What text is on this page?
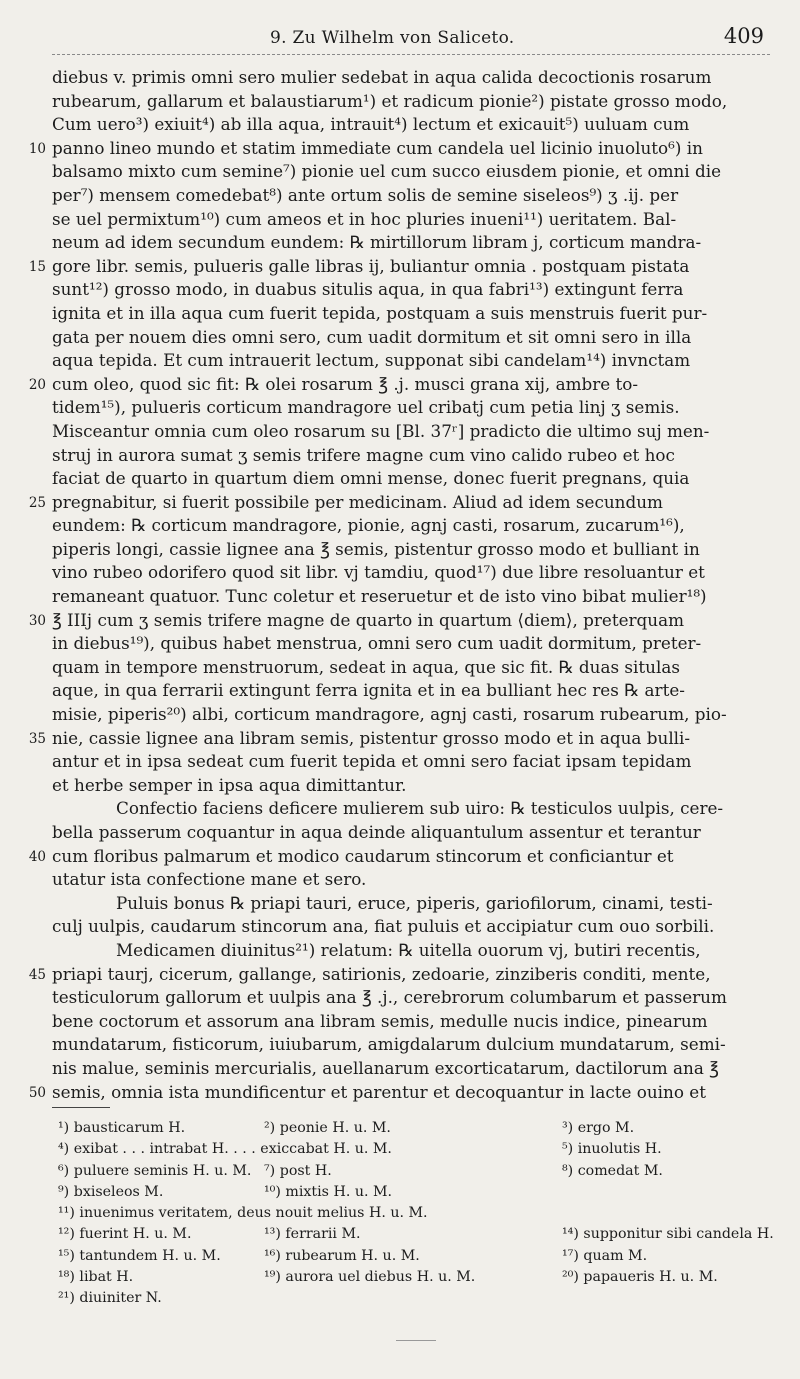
9. Zu Wilhelm von Saliceto.	409
diebus v. primis omni sero mulier sedebat in aqua calida decoctionis rosarum
rubearum, gallarum et balaustiarum¹) et radicum pionie²) pistate grosso modo,
Cum uero³) exiuit⁴) ab illa aqua, intrauit⁴) lectum et exicauit⁵) uuluam cum
10 panno lineo mundo et statim immediate cum candela uel licinio inuoluto⁶) in
balsamo mixto cum semine⁷) pionie uel cum succo eiusdem pionie, et omni die
per⁷) mensem comedebat⁸) ante ortum solis de semine siseleos⁹) ʒ .ij. per
se uel permixtum¹⁰) cum ameos et in hoc pluries inueni¹¹) ueritatem. Bal-
neum ad idem secundum eundem: ℞ mirtillorum libram j, corticum mandra-
15 gore libr. semis, pulueris galle libras ij, buliantur omnia . postquam pistata
sunt¹²) grosso modo, in duabus situlis aqua, in qua fabri¹³) extingunt ferra
ignita et in illa aqua cum fuerit tepida, postquam a suis menstruis fuerit pur-
gata per nouem dies omni sero, cum uadit dormitum et sit omni sero in illa
aqua tepida. Et cum intrauerit lectum, supponat sibi candelam¹⁴) invnctam
20 cum oleo, quod sic fit: ℞ olei rosarum ℥ .j. musci grana xij, ambre to-
tidem¹⁵), pulueris corticum mandragore uel cribatj cum petia linj ʒ semis.
Misceantur omnia cum oleo rosarum su [Bl. 37ʳ] pradicto die ultimo suj men-
struj in aurora sumat ʒ semis trifere magne cum vino calido rubeo et hoc
faciat de quarto in quartum diem omni mense, donec fuerit pregnans, quia
25 pregnabitur, si fuerit possibile per medicinam. Aliud ad idem secundum
eundem: ℞ corticum mandragore, pionie, agnj casti, rosarum, zucarum¹⁶),
piperis longi, cassie lignee ana ℥ semis, pistentur grosso modo et bulliant in
vino rubeo odorifero quod sit libr. vj tamdiu, quod¹⁷) due libre resoluantur et
remaneant quatuor. Tunc coletur et reseruetur et de isto vino bibat mulier¹⁸)
30 ℥ IIIj cum ʒ semis trifere magne de quarto in quartum ⟨diem⟩, preterquam
in diebus¹⁹), quibus habet menstrua, omni sero cum uadit dormitum, preter-
quam in tempore menstruorum, sedeat in aqua, que sic fit. ℞ duas situlas
aque, in qua ferrarii extingunt ferra ignita et in ea bulliant hec res ℞ arte-
misie, piperis²⁰) albi, corticum mandragore, agnj casti, rosarum rubearum, pio-
35 nie, cassie lignee ana libram semis, pistentur grosso modo et in aqua bulli-
antur et in ipsa sedeat cum fuerit tepida et omni sero faciat ipsam tepidam
et herbe semper in ipsa aqua dimittantur.
Confectio faciens deficere mulierem sub uiro: ℞ testiculos uulpis, cere-
bella passerum coquantur in aqua deinde aliquantulum assentur et terantur
40 cum floribus palmarum et modico caudarum stincorum et conficiantur et
utatur ista confectione mane et sero.
Puluis bonus ℞ priapi tauri, eruce, piperis, gariofilorum, cinami, testi-
culj uulpis, caudarum stincorum ana, fiat puluis et accipiatur cum ouo sorbili.
Medicamen diuinitus²¹) relatum: ℞ uitella ouorum vj, butiri recentis,
45 priapi taurj, cicerum, gallange, satirionis, zedoarie, zinziberis conditi, mente,
testiculorum gallorum et uulpis ana ℥ .j., cerebrorum columbarum et passerum
bene coctorum et assorum ana libram semis, medulle nucis indice, pinearum
mundatarum, fisticorum, iuiubarum, amigdalarum dulcium mundatarum, semi-
nis malue, seminis mercurialis, auellanarum excorticatarum, dactilorum ana ℥
50 semis, omnia ista mundificentur et parentur et decoquantur in lacte ouino et
¹) bausticarum H.	²) peonie H. u. M.	³) ergo M.
⁴) exibat . . . intrabat H. . . . exiccabat H. u. M.	⁵) inuolutis H.
⁶) puluere seminis H. u. M. ⁷) post H.	⁸) comedat M.
⁹) bxiseleos M.	¹⁰) mixtis H. u. M.
¹¹) inuenimus veritatem, deus nouit melius H. u. M.
¹²) fuerint H. u. M.	¹³) ferrarii M.	¹⁴) supponitur sibi candela H.
¹⁵) tantundem H. u. M.	¹⁶) rubearum H. u. M.	¹⁷) quam M.
¹⁸) libat H.	¹⁹) aurora uel diebus H. u. M.	²⁰) papaueris H. u. M.
²¹) diuiniter N.
